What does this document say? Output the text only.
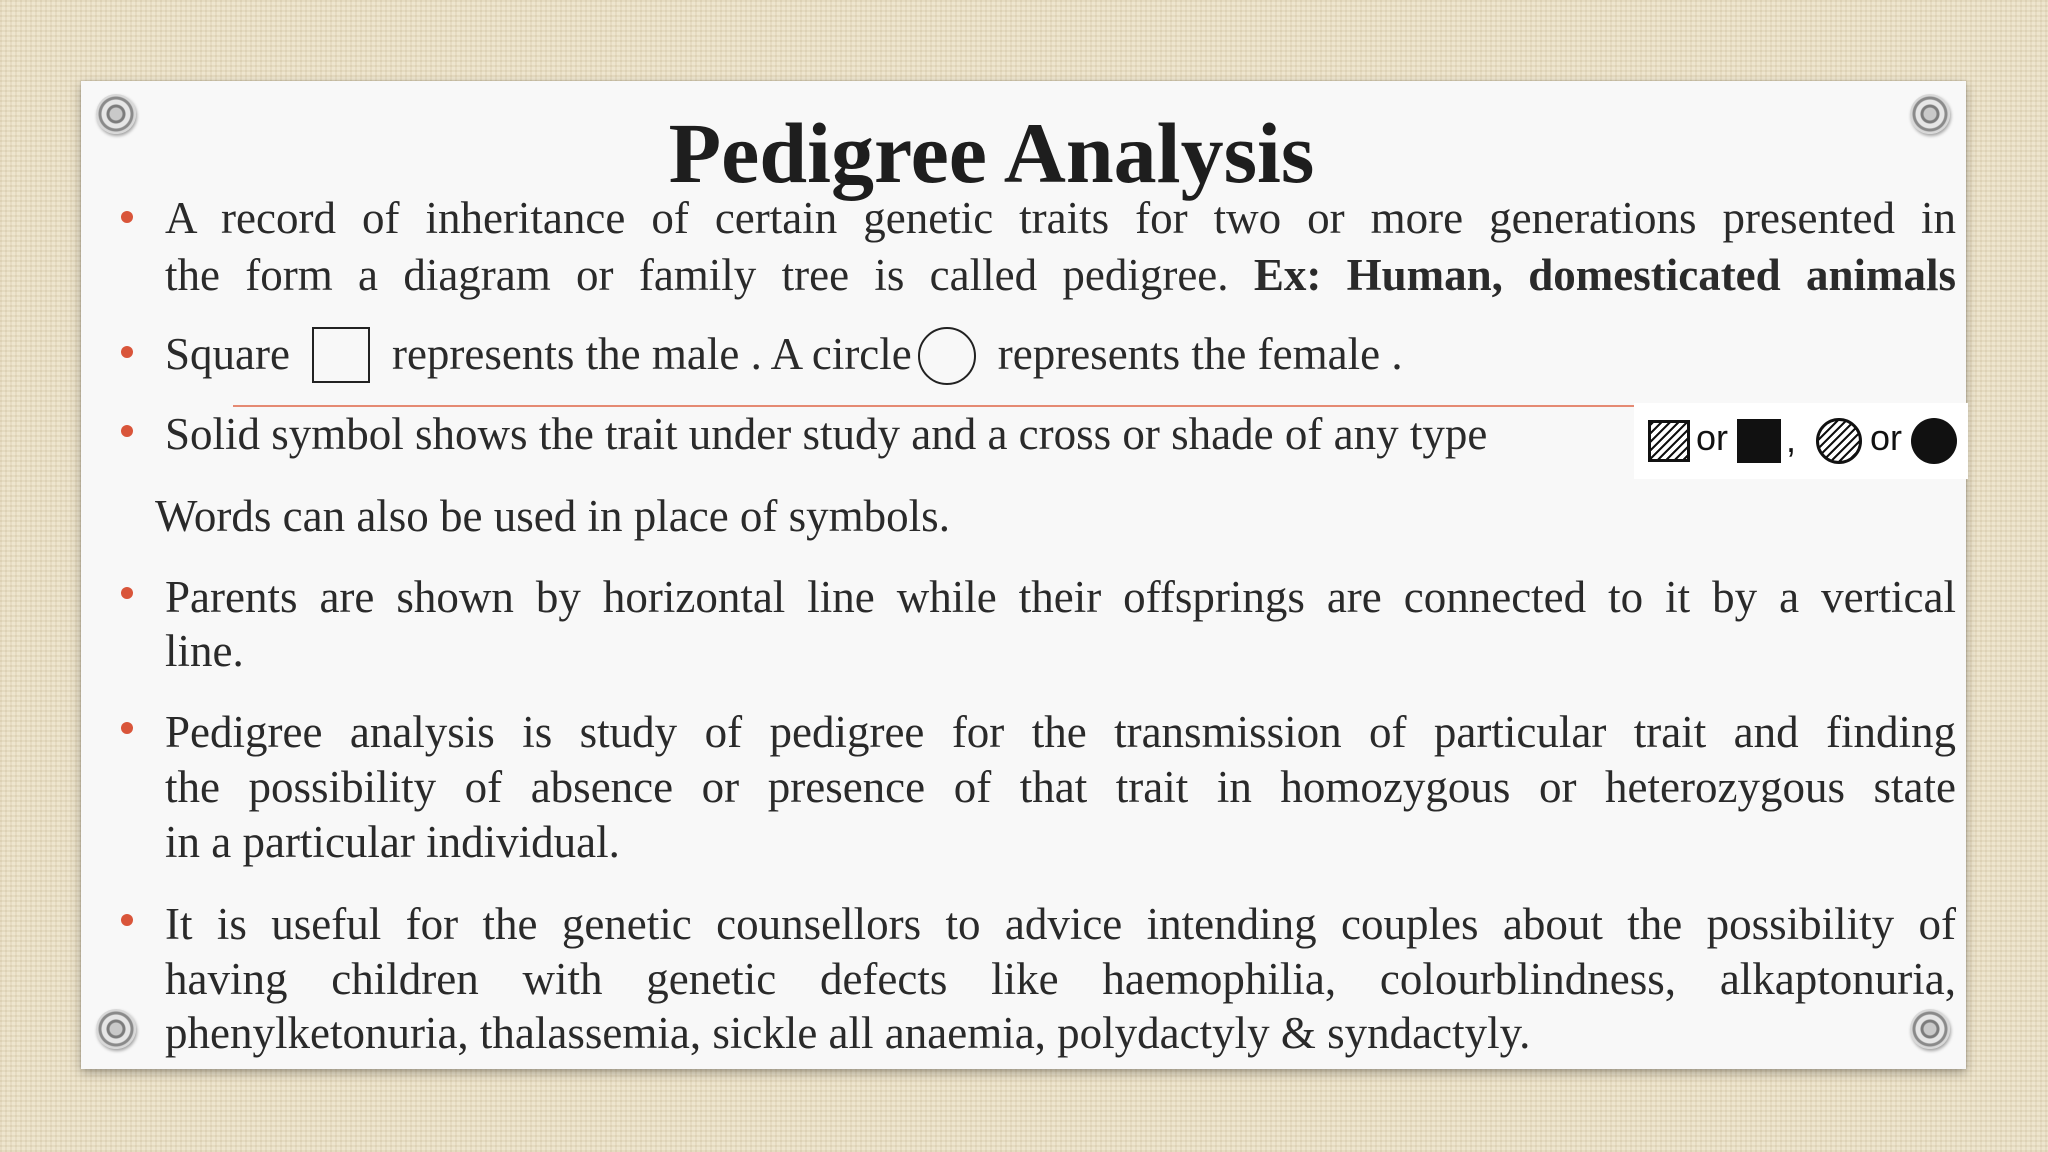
Pedigree Analysis
A record of inheritance of certain genetic traits for two or more generations presented in
the form a diagram or family tree is called pedigree. Ex: Human, domesticated animals
Square represents the male . A circle represents the female .
Solid symbol shows the trait under study and a cross or shade of any type
Words can also be used in place of symbols.
or , or
Parents are shown by horizontal line while their offsprings are connected to it by a vertical
line.
Pedigree analysis is study of pedigree for the transmission of particular trait and finding
the possibility of absence or presence of that trait in homozygous or heterozygous state
in a particular individual.
It is useful for the genetic counsellors to advice intending couples about the possibility of
having children with genetic defects like haemophilia, colourblindness, alkaptonuria,
phenylketonuria, thalassemia, sickle all anaemia, polydactyly & syndactyly.
